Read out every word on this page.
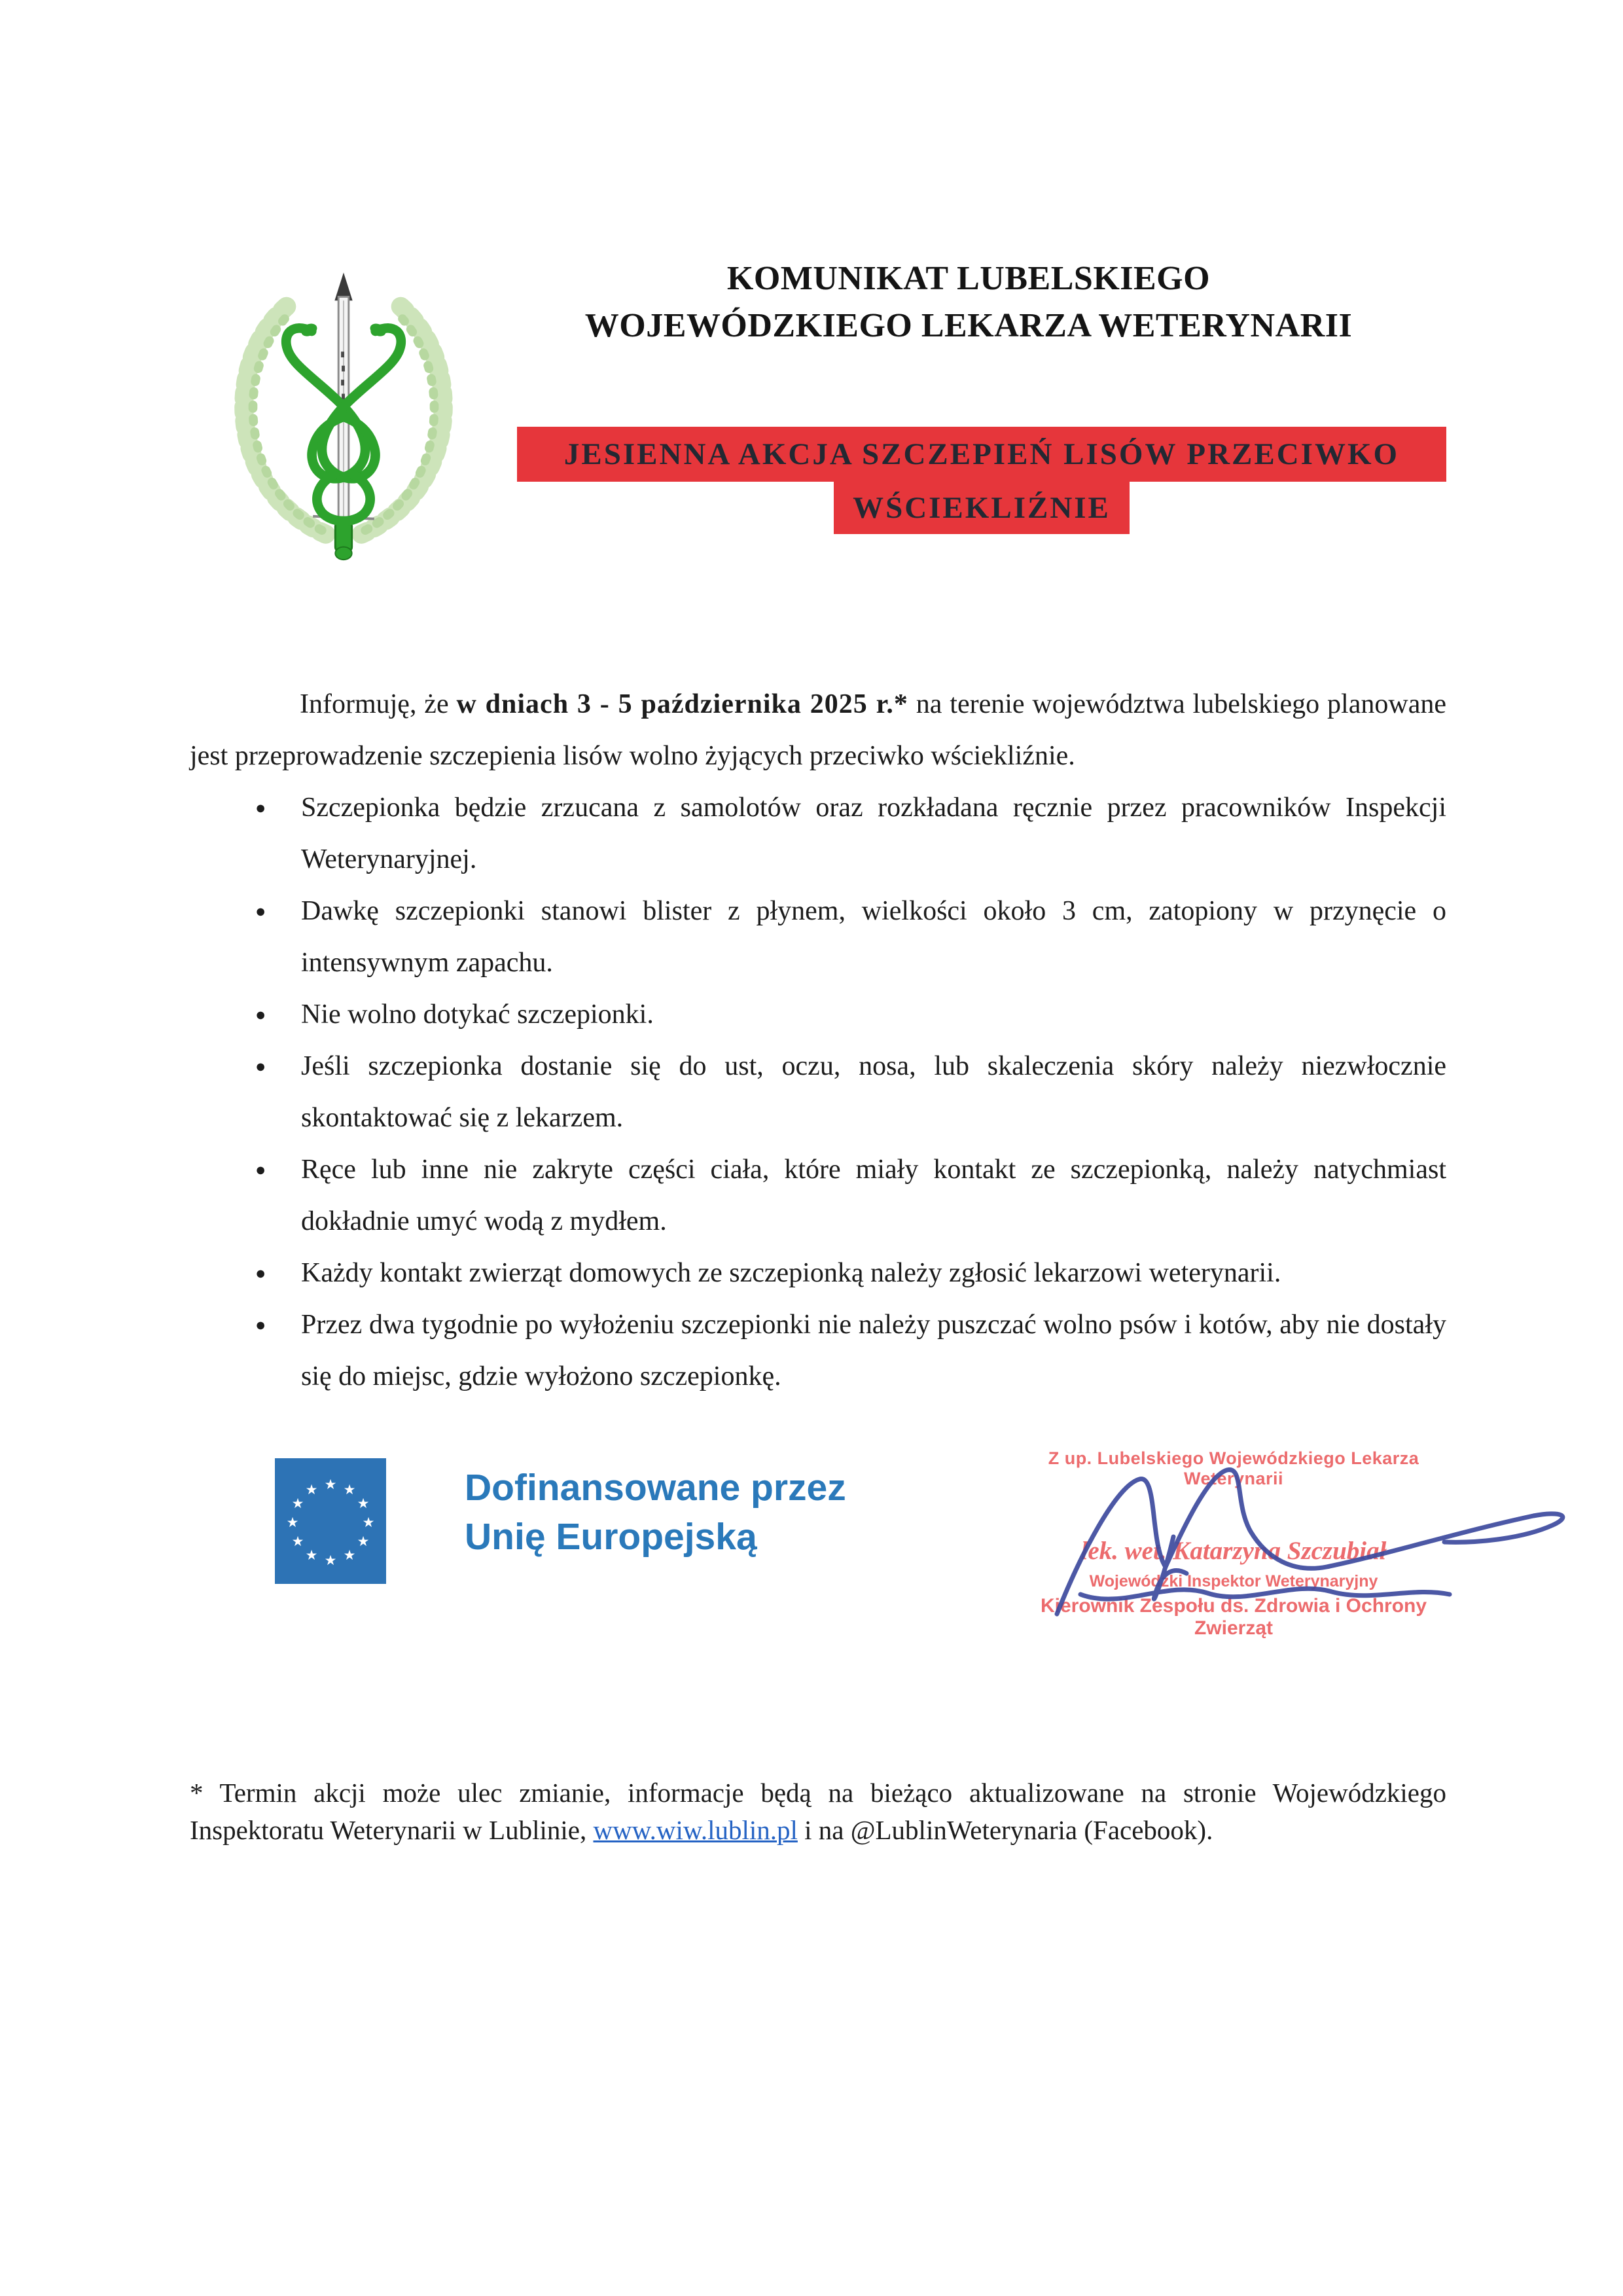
KOMUNIKAT LUBELSKIEGO
WOJEWÓDZKIEGO LEKARZA WETERYNARII
JESIENNA AKCJA SZCZEPIEŃ LISÓW PRZECIWKO
WŚCIEKLIŹNIE

Informuję, że w dniach 3 - 5 października 2025 r.* na terenie województwa lubelskiego planowane jest przeprowadzenie szczepienia lisów wolno żyjących przeciwko wściekliźnie.

● Szczepionka będzie zrzucana z samolotów oraz rozkładana ręcznie przez pracowników Inspekcji Weterynaryjnej.
● Dawkę szczepionki stanowi blister z płynem, wielkości około 3 cm, zatopiony w przynęcie o intensywnym zapachu.
● Nie wolno dotykać szczepionki.
● Jeśli szczepionka dostanie się do ust, oczu, nosa, lub skaleczenia skóry należy niezwłocznie skontaktować się z lekarzem.
● Ręce lub inne nie zakryte części ciała, które miały kontakt ze szczepionką, należy natychmiast dokładnie umyć wodą z mydłem.
● Każdy kontakt zwierząt domowych ze szczepionką należy zgłosić lekarzowi weterynarii.
● Przez dwa tygodnie po wyłożeniu szczepionki nie należy puszczać wolno psów i kotów, aby nie dostały się do miejsc, gdzie wyłożono szczepionkę.
★ ★
★
★
★
★
★
★
★
★
★
★	Dofinansowane przez
Unię Europejską
Z up. Lubelskiego Wojewódzkiego Lekarza Weterynarii
lek. wet. Katarzyna Szczubiał
Wojewódzki Inspektor Weterynaryjny
Kierownik Zespołu ds. Zdrowia i Ochrony Zwierząt

* Termin akcji może ulec zmianie, informacje będą na bieżąco aktualizowane na stronie Wojewódzkiego Inspektoratu Weterynarii w Lublinie, www.wiw.lublin.pl i na @LublinWeterynaria (Facebook).
